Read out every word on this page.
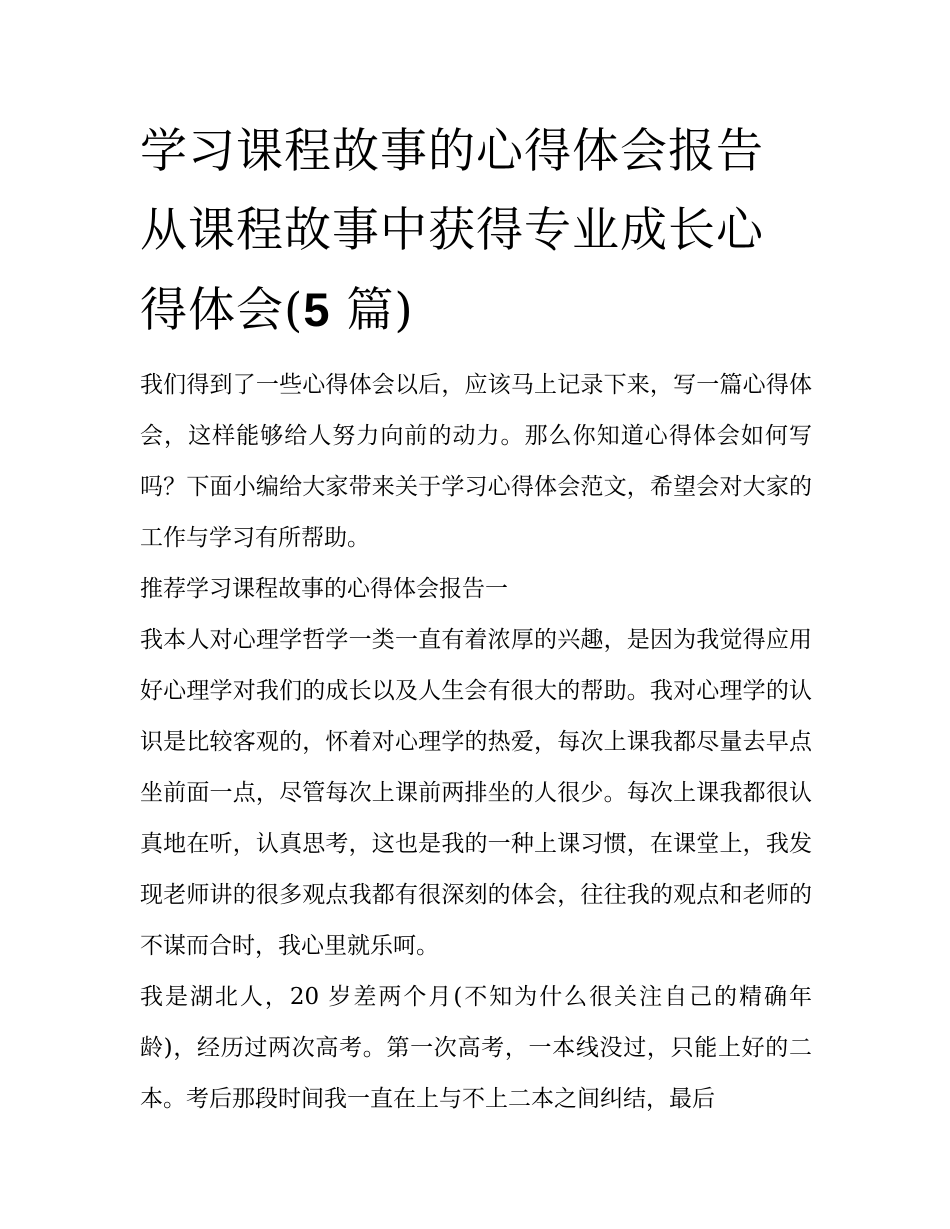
学习课程故事的心得体会报告
从课程故事中获得专业成长心
得体会(5 篇)

我们得到了一些心得体会以后，应该马上记录下来，写一篇心得体会，这样能够给人努力向前的动力。那么你知道心得体会如何写吗？下面小编给大家带来关于学习心得体会范文，希望会对大家的工作与学习有所帮助。

推荐学习课程故事的心得体会报告一

我本人对心理学哲学一类一直有着浓厚的兴趣，是因为我觉得应用好心理学对我们的成长以及人生会有很大的帮助。我对心理学的认识是比较客观的，怀着对心理学的热爱，每次上课我都尽量去早点坐前面一点，尽管每次上课前两排坐的人很少。每次上课我都很认真地在听，认真思考，这也是我的一种上课习惯，在课堂上，我发现老师讲的很多观点我都有很深刻的体会，往往我的观点和老师的不谋而合时，我心里就乐呵。

我是湖北人，20 岁差两个月(不知为什么很关注自己的精确年龄)，经历过两次高考。第一次高考，一本线没过，只能上好的二本。考后那段时间我一直在上与不上二本之间纠结，最后
